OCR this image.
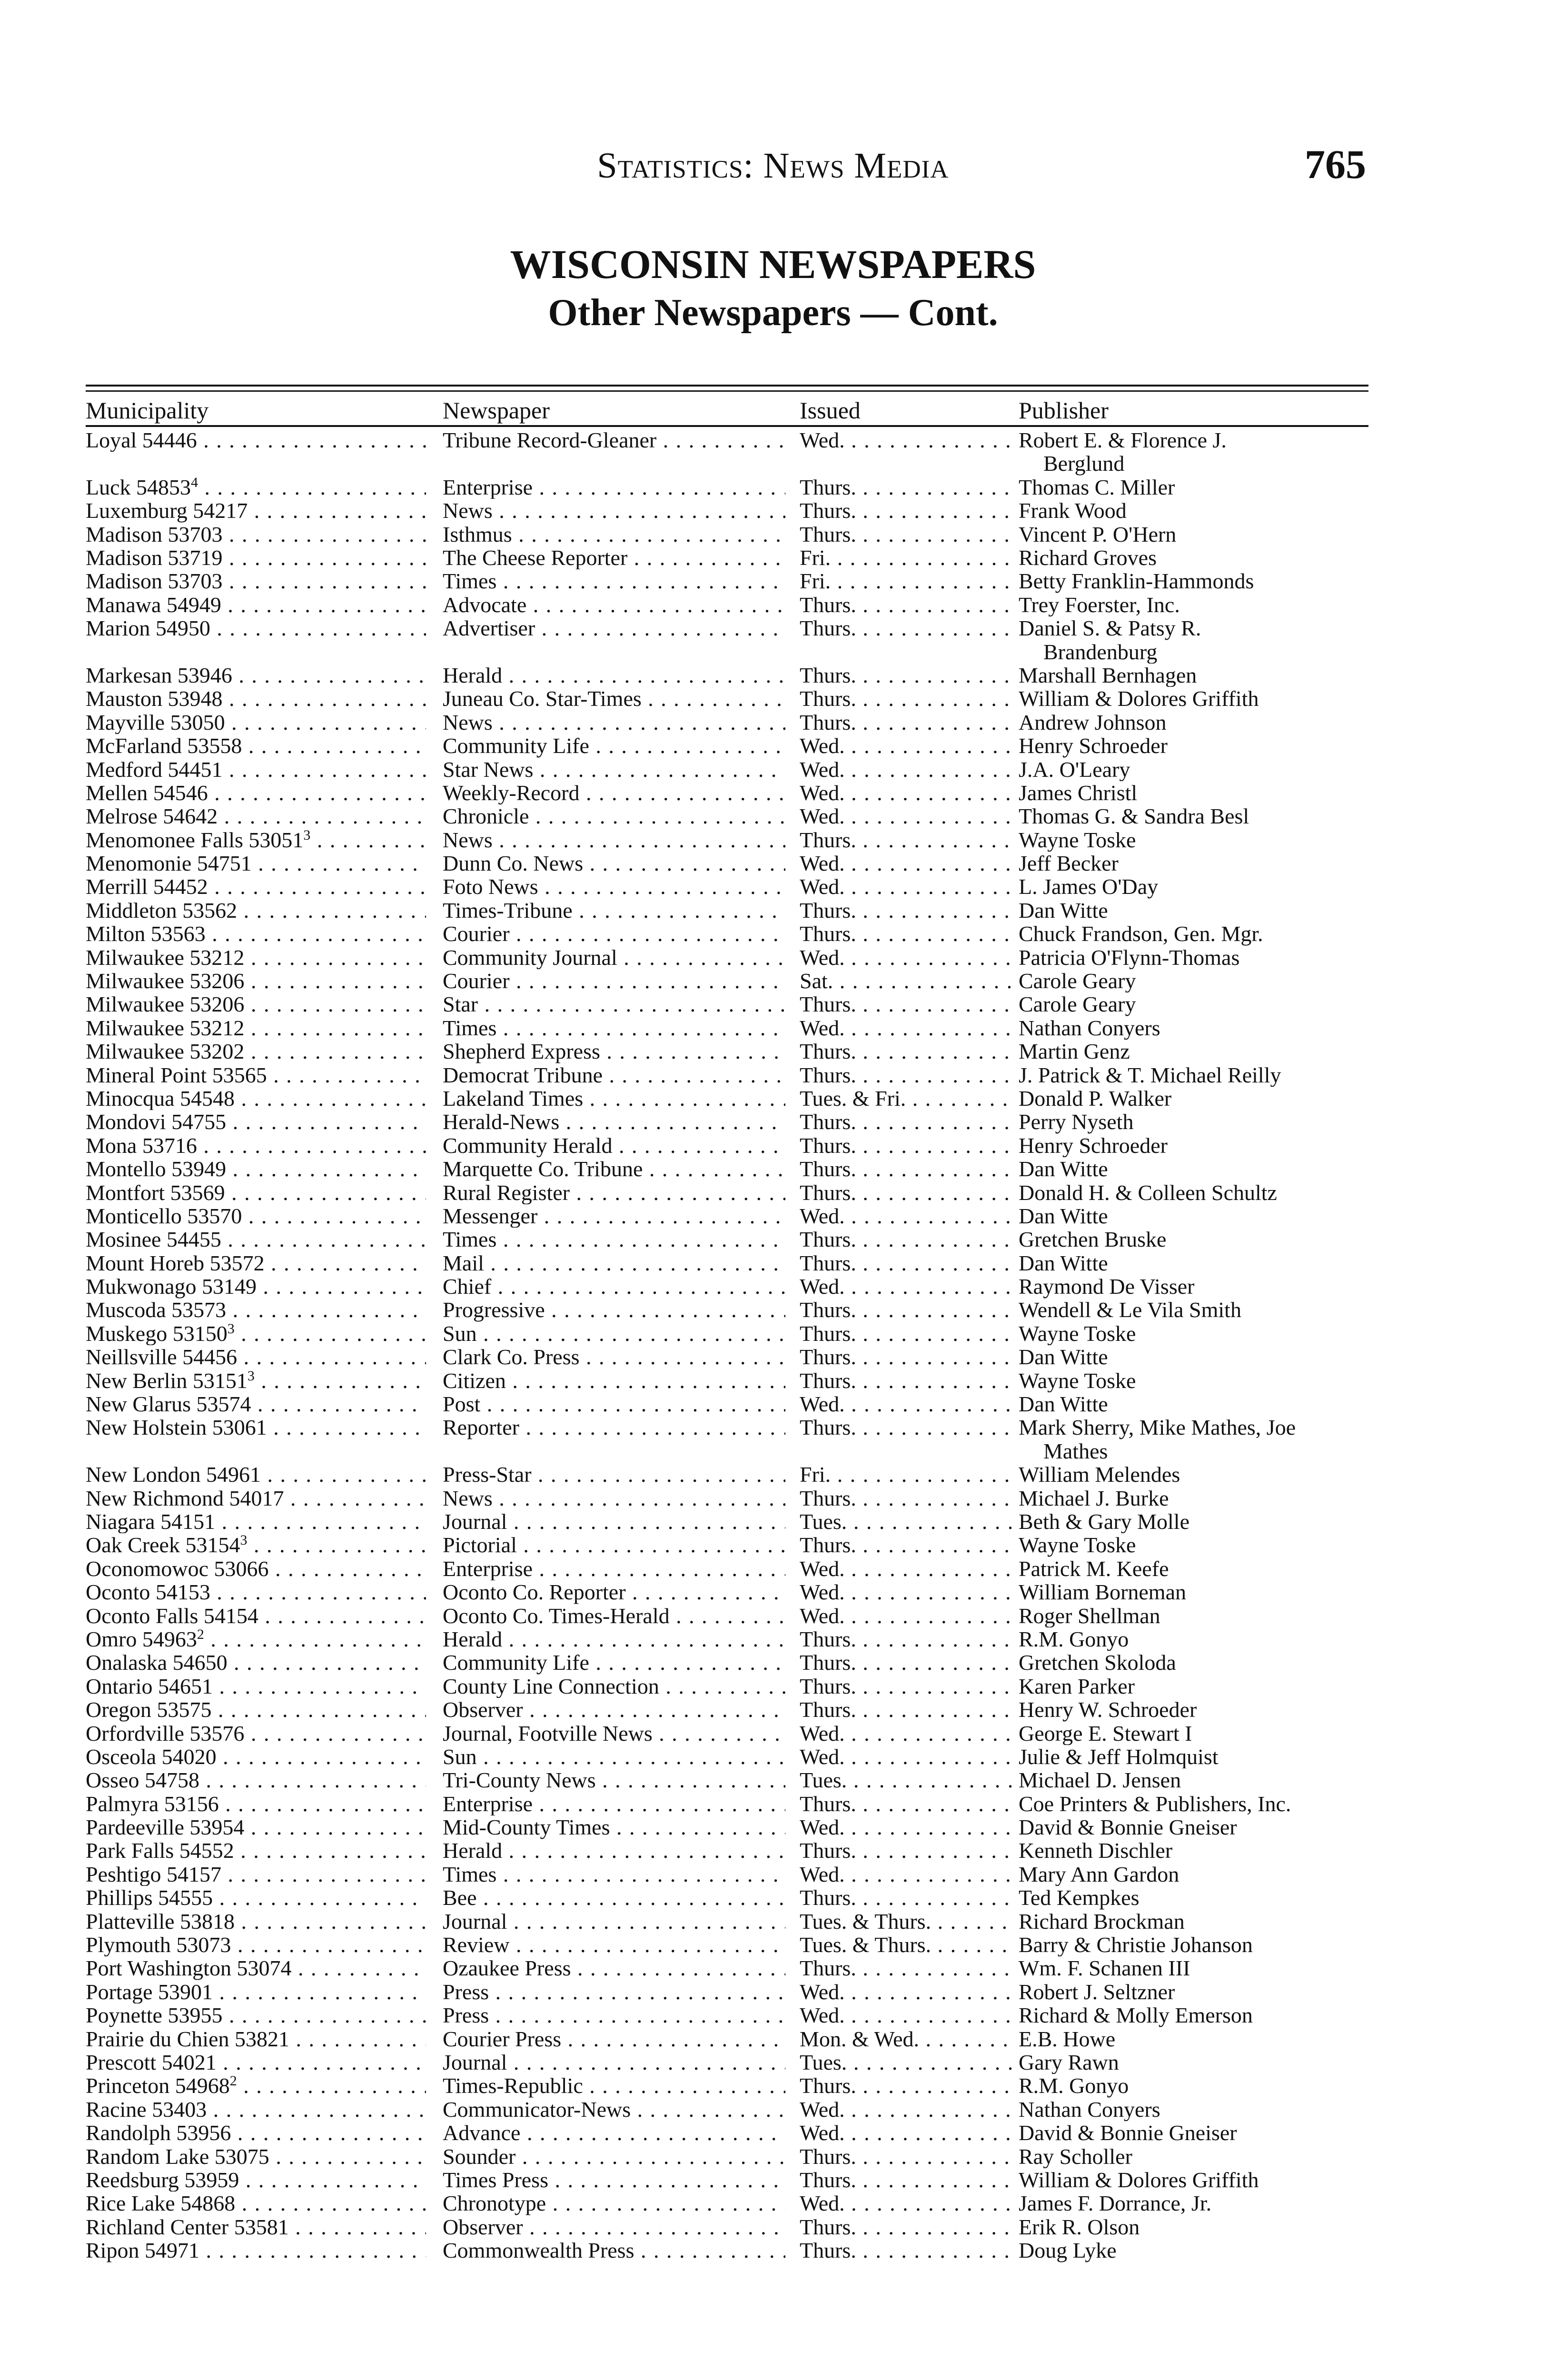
Statistics: News Media	765
WISCONSIN NEWSPAPERS
Other Newspapers — Cont.
Municipality	Newspaper	Issued	Publisher
Loyal 54446 . . .	Tribune Record-Gleaner . . .	Wed. . . .	Robert E. & Florence J.
Berglund
Luck 54853$^4$ . . .	Enterprise . . .	Thurs. . . .	Thomas C. Miller
Luxemburg 54217 . . .	News . . .	Thurs. . . .	Frank Wood
Madison 53703 . . .	Isthmus . . .	Thurs. . . .	Vincent P. O'Hern
Madison 53719 . . .	The Cheese Reporter . . .	Fri. . . .	Richard Groves
Madison 53703 . . .	Times . . .	Fri. . . .	Betty Franklin-Hammonds
Manawa 54949 . . .	Advocate . . .	Thurs. . . .	Trey Foerster, Inc.
Marion 54950 . . .	Advertiser . . .	Thurs. . . .	Daniel S. & Patsy R.
Brandenburg
Markesan 53946 . . .	Herald . . .	Thurs. . . .	Marshall Bernhagen
Mauston 53948 . . .	Juneau Co. Star-Times . . .	Thurs. . . .	William & Dolores Griffith
Mayville 53050 . . .	News . . .	Thurs. . . .	Andrew Johnson
McFarland 53558 . . .	Community Life . . .	Wed. . . .	Henry Schroeder
Medford 54451 . . .	Star News . . .	Wed. . . .	J.A. O'Leary
Mellen 54546 . . .	Weekly-Record . . .	Wed. . . .	James Christl
Melrose 54642 . . .	Chronicle . . .	Wed. . . .	Thomas G. & Sandra Besl
Menomonee Falls 53051$^3$ . . .	News . . .	Thurs. . . .	Wayne Toske
Menomonie 54751 . . .	Dunn Co. News . . .	Wed. . . .	Jeff Becker
Merrill 54452 . . .	Foto News . . .	Wed. . . .	L. James O'Day
Middleton 53562 . . .	Times-Tribune . . .	Thurs. . . .	Dan Witte
Milton 53563 . . .	Courier . . .	Thurs. . . .	Chuck Frandson, Gen. Mgr.
Milwaukee 53212 . . .	Community Journal . . .	Wed. . . .	Patricia O'Flynn-Thomas
Milwaukee 53206 . . .	Courier . . .	Sat. . . .	Carole Geary
Milwaukee 53206 . . .	Star . . .	Thurs. . . .	Carole Geary
Milwaukee 53212 . . .	Times . . .	Wed. . . .	Nathan Conyers
Milwaukee 53202 . . .	Shepherd Express . . .	Thurs. . . .	Martin Genz
Mineral Point 53565 . . .	Democrat Tribune . . .	Thurs. . . .	J. Patrick & T. Michael Reilly
Minocqua 54548 . . .	Lakeland Times . . .	Tues. & Fri. . . .	Donald P. Walker
Mondovi 54755 . . .	Herald-News . . .	Thurs. . . .	Perry Nyseth
Mona 53716 . . .	Community Herald . . .	Thurs. . . .	Henry Schroeder
Montello 53949 . . .	Marquette Co. Tribune . . .	Thurs. . . .	Dan Witte
Montfort 53569 . . .	Rural Register . . .	Thurs. . . .	Donald H. & Colleen Schultz
Monticello 53570 . . .	Messenger . . .	Wed. . . .	Dan Witte
Mosinee 54455 . . .	Times . . .	Thurs. . . .	Gretchen Bruske
Mount Horeb 53572 . . .	Mail . . .	Thurs. . . .	Dan Witte
Mukwonago 53149 . . .	Chief . . .	Wed. . . .	Raymond De Visser
Muscoda 53573 . . .	Progressive . . .	Thurs. . . .	Wendell & Le Vila Smith
Muskego 53150$^3$ . . .	Sun . . .	Thurs. . . .	Wayne Toske
Neillsville 54456 . . .	Clark Co. Press . . .	Thurs. . . .	Dan Witte
New Berlin 53151$^3$ . . .	Citizen . . .	Thurs. . . .	Wayne Toske
New Glarus 53574 . . .	Post . . .	Wed. . . .	Dan Witte
New Holstein 53061 . . .	Reporter . . .	Thurs. . . .	Mark Sherry, Mike Mathes, Joe
Mathes
New London 54961 . . .	Press-Star . . .	Fri. . . .	William Melendes
New Richmond 54017 . . .	News . . .	Thurs. . . .	Michael J. Burke
Niagara 54151 . . .	Journal . . .	Tues. . . .	Beth & Gary Molle
Oak Creek 53154$^3$ . . .	Pictorial . . .	Thurs. . . .	Wayne Toske
Oconomowoc 53066 . . .	Enterprise . . .	Wed. . . .	Patrick M. Keefe
Oconto 54153 . . .	Oconto Co. Reporter . . .	Wed. . . .	William Borneman
Oconto Falls 54154 . . .	Oconto Co. Times-Herald . . .	Wed. . . .	Roger Shellman
Omro 54963$^2$ . . .	Herald . . .	Thurs. . . .	R.M. Gonyo
Onalaska 54650 . . .	Community Life . . .	Thurs. . . .	Gretchen Skoloda
Ontario 54651 . . .	County Line Connection . . .	Thurs. . . .	Karen Parker
Oregon 53575 . . .	Observer . . .	Thurs. . . .	Henry W. Schroeder
Orfordville 53576 . . .	Journal, Footville News . . .	Wed. . . .	George E. Stewart I
Osceola 54020 . . .	Sun . . .	Wed. . . .	Julie & Jeff Holmquist
Osseo 54758 . . .	Tri-County News . . .	Tues. . . .	Michael D. Jensen
Palmyra 53156 . . .	Enterprise . . .	Thurs. . . .	Coe Printers & Publishers, Inc.
Pardeeville 53954 . . .	Mid-County Times . . .	Wed. . . .	David & Bonnie Gneiser
Park Falls 54552 . . .	Herald . . .	Thurs. . . .	Kenneth Dischler
Peshtigo 54157 . . .	Times . . .	Wed. . . .	Mary Ann Gardon
Phillips 54555 . . .	Bee . . .	Thurs. . . .	Ted Kempkes
Platteville 53818 . . .	Journal . . .	Tues. & Thurs. . . .	Richard Brockman
Plymouth 53073 . . .	Review . . .	Tues. & Thurs. . . .	Barry & Christie Johanson
Port Washington 53074 . . .	Ozaukee Press . . .	Thurs. . . .	Wm. F. Schanen III
Portage 53901 . . .	Press . . .	Wed. . . .	Robert J. Seltzner
Poynette 53955 . . .	Press . . .	Wed. . . .	Richard & Molly Emerson
Prairie du Chien 53821 . . .	Courier Press . . .	Mon. & Wed. . . .	E.B. Howe
Prescott 54021 . . .	Journal . . .	Tues. . . .	Gary Rawn
Princeton 54968$^2$ . . .	Times-Republic . . .	Thurs. . . .	R.M. Gonyo
Racine 53403 . . .	Communicator-News . . .	Wed. . . .	Nathan Conyers
Randolph 53956 . . .	Advance . . .	Wed. . . .	David & Bonnie Gneiser
Random Lake 53075 . . .	Sounder . . .	Thurs. . . .	Ray Scholler
Reedsburg 53959 . . .	Times Press . . .	Thurs. . . .	William & Dolores Griffith
Rice Lake 54868 . . .	Chronotype . . .	Wed. . . .	James F. Dorrance, Jr.
Richland Center 53581 . . .	Observer . . .	Thurs. . . .	Erik R. Olson
Ripon 54971 . . .	Commonwealth Press . . .	Thurs. . . .	Doug Lyke
